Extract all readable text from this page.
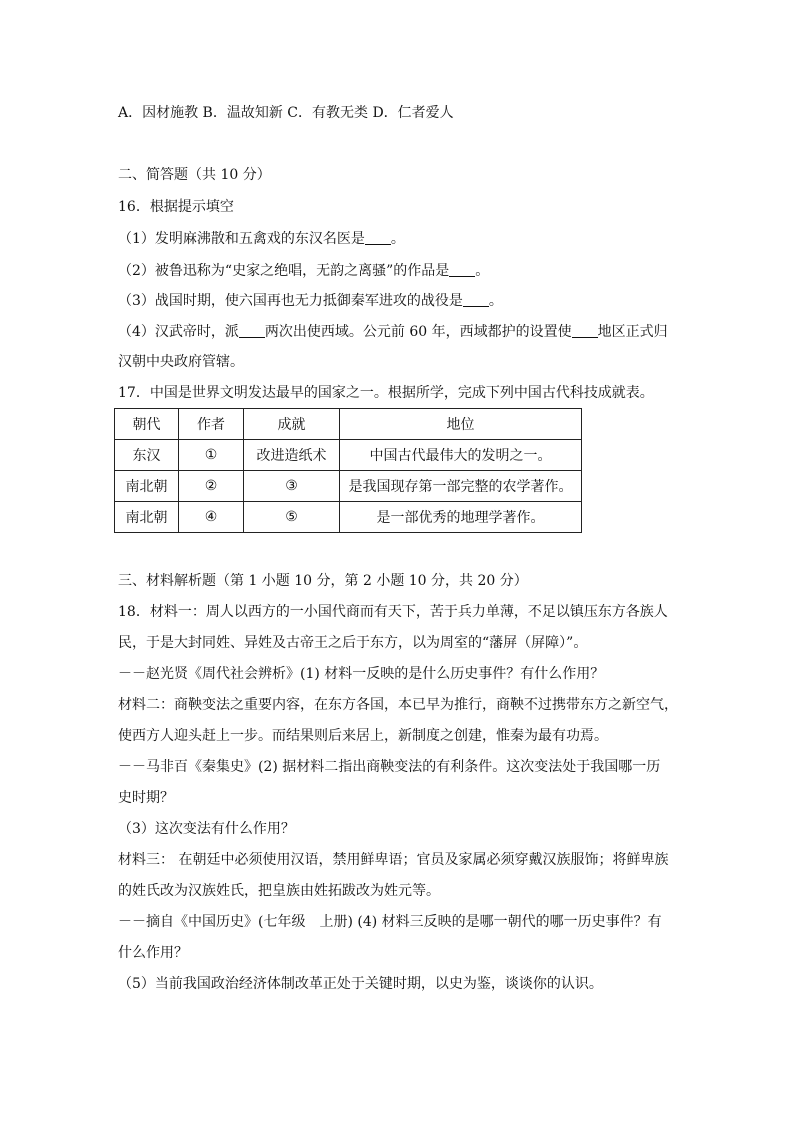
A．因材施教 B．温故知新 C．有教无类 D．仁者爱人
二、简答题（共 10 分）
16．根据提示填空
（1）发明麻沸散和五禽戏的东汉名医是 。
（2）被鲁迅称为“史家之绝唱，无韵之离骚”的作品是 。
（3）战国时期，使六国再也无力抵御秦军进攻的战役是 。
（4）汉武帝时，派 两次出使西域。公元前 60 年，西域都护的设置使 地区正式归
汉朝中央政府管辖。
17．中国是世界文明发达最早的国家之一。根据所学，完成下列中国古代科技成就表。
朝代	作者	成就	地位
东汉	①	改进造纸术	中国古代最伟大的发明之一。
南北朝	②	③	是我国现存第一部完整的农学著作。
南北朝	④	⑤	是一部优秀的地理学著作。
三、材料解析题（第 1 小题 10 分，第 2 小题 10 分，共 20 分）
18．材料一：周人以西方的一小国代商而有天下，苦于兵力单薄，不足以镇压东方各族人
民，于是大封同姓、异姓及古帝王之后于东方，以为周室的“藩屏（屏障）”。
－－赵光贤《周代社会辨析》(1) 材料一反映的是什么历史事件？有什么作用？
材料二：商鞅变法之重要内容，在东方各国，本已早为推行，商鞅不过携带东方之新空气，
使西方人迎头赶上一步。而结果则后来居上，新制度之创建，惟秦为最有功焉。
－－马非百《秦集史》(2) 据材料二指出商鞅变法的有利条件。这次变法处于我国哪一历
史时期？
（3）这次变法有什么作用？
材料三： 在朝廷中必须使用汉语，禁用鲜卑语；官员及家属必须穿戴汉族服饰；将鲜卑族
的姓氏改为汉族姓氏，把皇族由姓拓跋改为姓元等。
－－摘自《中国历史》(七年级　上册) (4) 材料三反映的是哪一朝代的哪一历史事件？有
什么作用？
（5）当前我国政治经济体制改革正处于关键时期，以史为鉴，谈谈你的认识。
